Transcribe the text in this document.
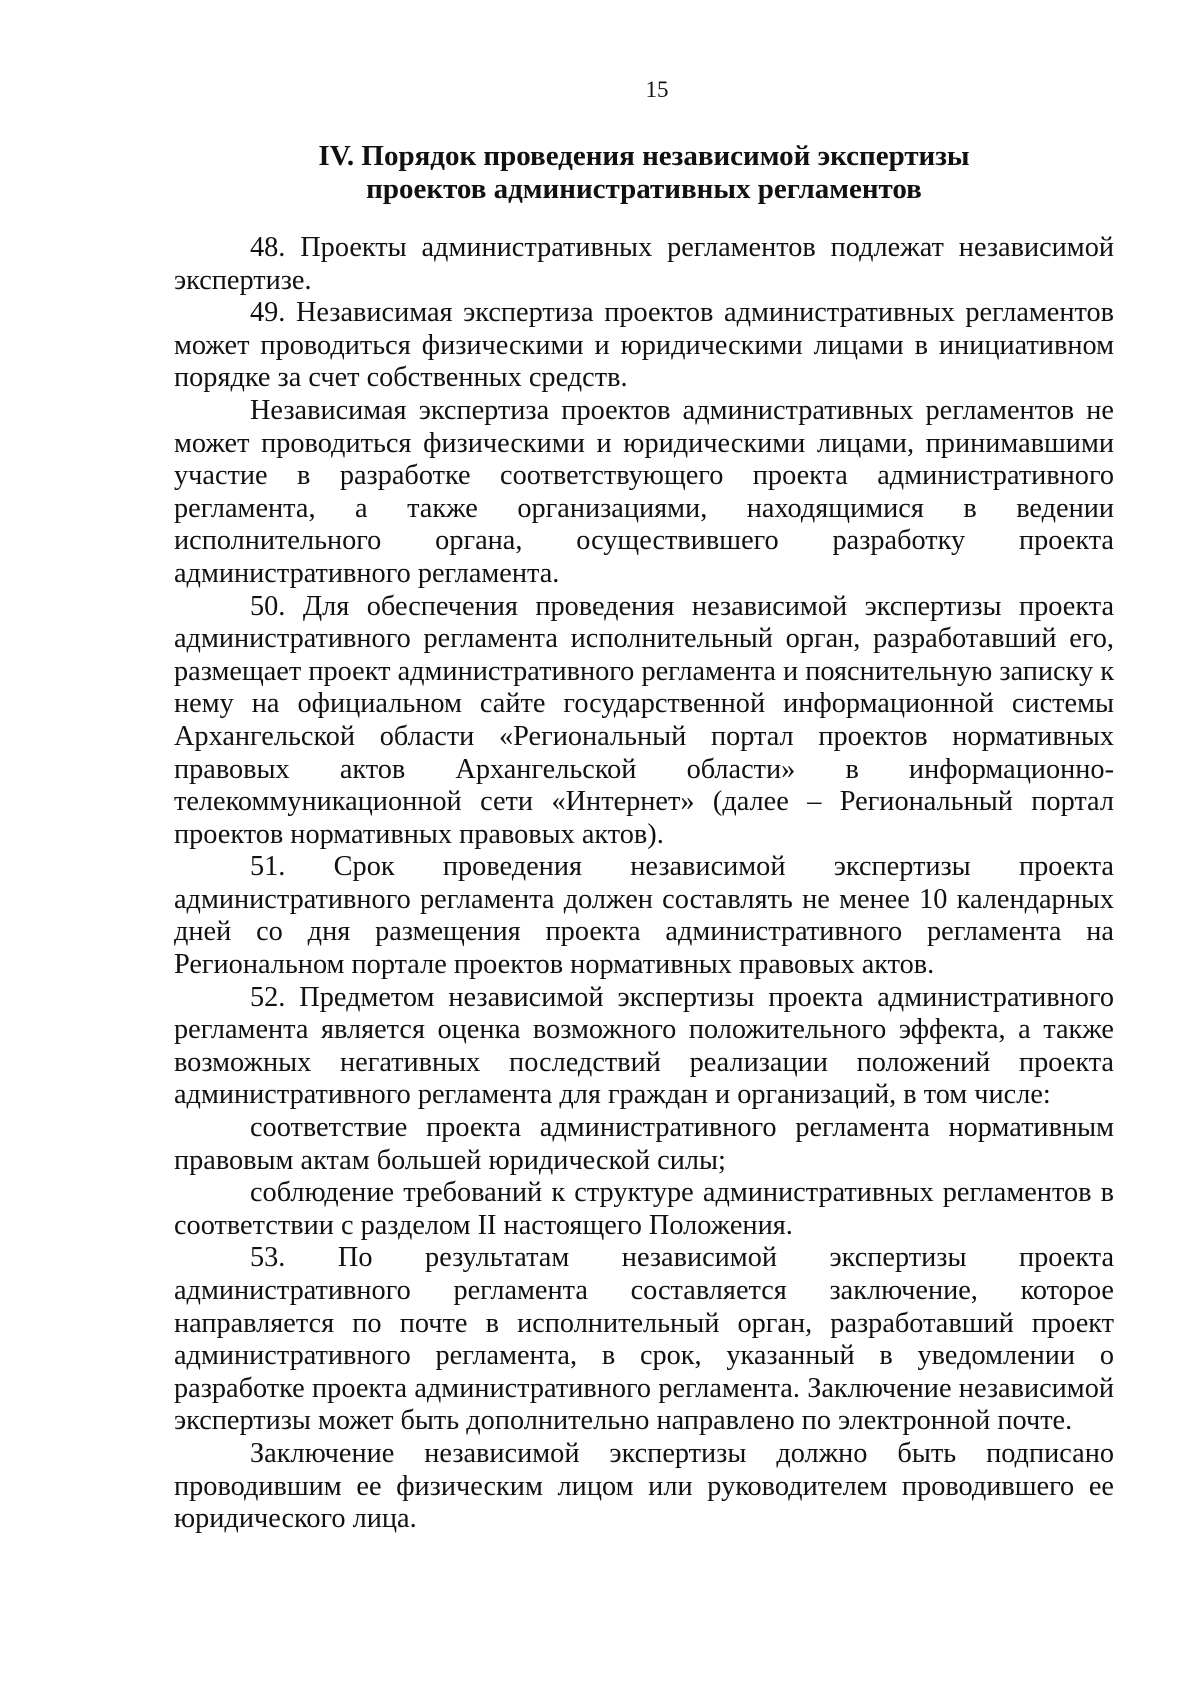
15
IV. Порядок проведения независимой экспертизы
проектов административных регламентов

48. Проекты административных регламентов подлежат независимой экспертизе.

49. Независимая экспертиза проектов административных регламентов может проводиться физическими и юридическими лицами в инициативном порядке за счет собственных средств.

Независимая экспертиза проектов административных регламентов не может проводиться физическими и юридическими лицами, принимавшими участие в разработке соответствующего проекта административного регламента, а также организациями, находящимися в ведении исполнительного органа, осуществившего разработку проекта административного регламента.

50. Для обеспечения проведения независимой экспертизы проекта административного регламента исполнительный орган, разработавший его, размещает проект административного регламента и пояснительную записку к нему на официальном сайте государственной информационной системы Архангельской области «Региональный портал проектов нормативных правовых актов Архангельской области» в информационно-телекоммуникационной сети «Интернет» (далее – Региональный портал проектов нормативных правовых актов).

51. Срок проведения независимой экспертизы проекта административного регламента должен составлять не менее 10 календарных дней со дня размещения проекта административного регламента на Региональном портале проектов нормативных правовых актов.

52. Предметом независимой экспертизы проекта административного регламента является оценка возможного положительного эффекта, а также возможных негативных последствий реализации положений проекта административного регламента для граждан и организаций, в том числе:

соответствие проекта административного регламента нормативным правовым актам большей юридической силы;

соблюдение требований к структуре административных регламентов в соответствии с разделом II настоящего Положения.

53. По результатам независимой экспертизы проекта административного регламента составляется заключение, которое направляется по почте в исполнительный орган, разработавший проект административного регламента, в срок, указанный в уведомлении о разработке проекта административного регламента. Заключение независимой экспертизы может быть дополнительно направлено по электронной почте.

Заключение независимой экспертизы должно быть подписано проводившим ее физическим лицом или руководителем проводившего ее юридического лица.
